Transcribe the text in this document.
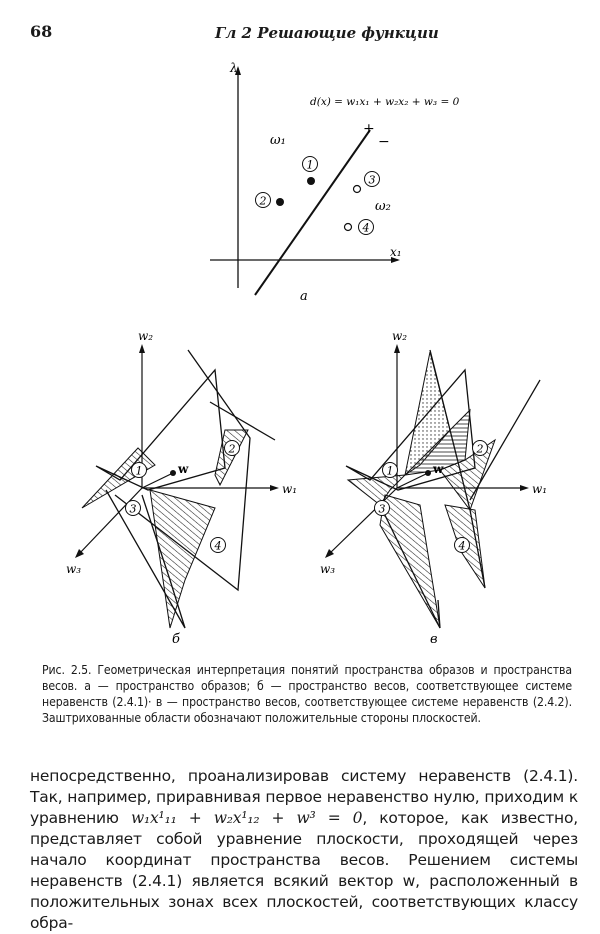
68	Гл 2 Решающие функции
1
2
3
4
λ
x₁
d(x) = w₁x₁ + w₂x₂ + w₃ = 0
+
−
ω₁
ω₂
a
1
2
3
4
w₂
w₁
w₃
w
б
1
2
3
4
w₂
w₁
w₃
w
в
Рис. 2.5. Геометрическая интерпретация понятий пространства образов и пространства весов. а — пространство образов; б — пространство весов, соответствующее системе неравенств (2.4.1)· в — пространство весов, соответствующее системе неравенств (2.4.2). Заштрихованные области обозначают положительные стороны плоскостей.

непосредственно, проанализировав систему неравенств (2.4.1). Так, например, приравнивая первое неравенство нулю, приходим к уравнению w₁x¹₁₁ + w₂x¹₁₂ + w³ = 0, которое, как известно, представляет собой уравнение плоскости, проходящей через начало координат пространства весов. Решением системы неравенств (2.4.1) является всякий вектор w, расположенный в положительных зонах всех плоскостей, соответствующих классу обра-
